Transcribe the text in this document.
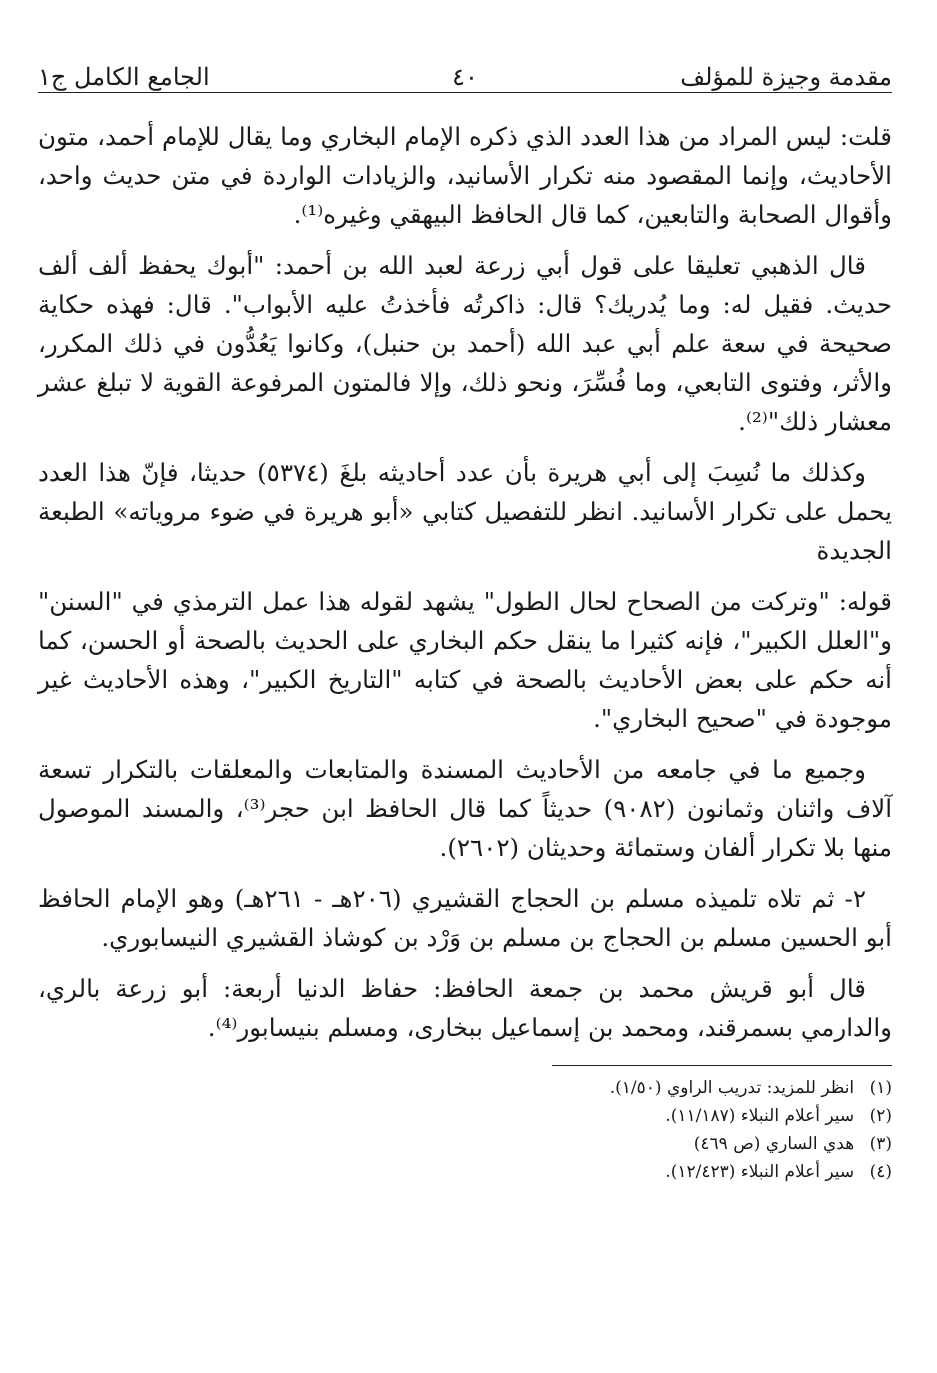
مقدمة وجيزة للمؤلف
٤٠
الجامع الكامل ج١

قلت: ليس المراد من هذا العدد الذي ذكره الإمام البخاري وما يقال للإمام أحمد، متون الأحاديث، وإنما المقصود منه تكرار الأسانيد، والزيادات الواردة في متن حديث واحد، وأقوال الصحابة والتابعين، كما قال الحافظ البيهقي وغيره⁽¹⁾.

قال الذهبي تعليقا على قول أبي زرعة لعبد الله بن أحمد: "أبوك يحفظ ألف ألف حديث. فقيل له: وما يُدريك؟ قال: ذاكرتُه فأخذتُ عليه الأبواب". قال: فهذه حكاية صحيحة في سعة علم أبي عبد الله (أحمد بن حنبل)، وكانوا يَعُدُّون في ذلك المكرر، والأثر، وفتوى التابعي، وما فُسِّرَ، ونحو ذلك، وإلا فالمتون المرفوعة القوية لا تبلغ عشر معشار ذلك"⁽²⁾.

وكذلك ما نُسِبَ إلى أبي هريرة بأن عدد أحاديثه بلغَ (٥٣٧٤) حديثا، فإنّ هذا العدد يحمل على تكرار الأسانيد. انظر للتفصيل كتابي «أبو هريرة في ضوء مروياته» الطبعة الجديدة

قوله: "وتركت من الصحاح لحال الطول" يشهد لقوله هذا عمل الترمذي في "السنن" و"العلل الكبير"، فإنه كثيرا ما ينقل حكم البخاري على الحديث بالصحة أو الحسن، كما أنه حكم على بعض الأحاديث بالصحة في كتابه "التاريخ الكبير"، وهذه الأحاديث غير موجودة في "صحيح البخاري".

وجميع ما في جامعه من الأحاديث المسندة والمتابعات والمعلقات بالتكرار تسعة آلاف واثنان وثمانون (٩٠٨٢) حديثاً كما قال الحافظ ابن حجر⁽³⁾، والمسند الموصول منها بلا تكرار ألفان وستمائة وحديثان (٢٦٠٢).

٢- ثم تلاه تلميذه مسلم بن الحجاج القشيري (٢٠٦هـ - ٢٦١هـ) وهو الإمام الحافظ أبو الحسين مسلم بن الحجاج بن مسلم بن وَرْد بن كوشاذ القشيري النيسابوري.

قال أبو قريش محمد بن جمعة الحافظ: حفاظ الدنيا أربعة: أبو زرعة بالري، والدارمي بسمرقند، ومحمد بن إسماعيل ببخارى، ومسلم بنيسابور⁽⁴⁾.

(١) انظر للمزيد: تدريب الراوي (١/٥٠).
(٢) سير أعلام النبلاء (١١/١٨٧).
(٣) هدي الساري (ص ٤٦٩)
(٤) سير أعلام النبلاء (١٢/٤٢٣).
